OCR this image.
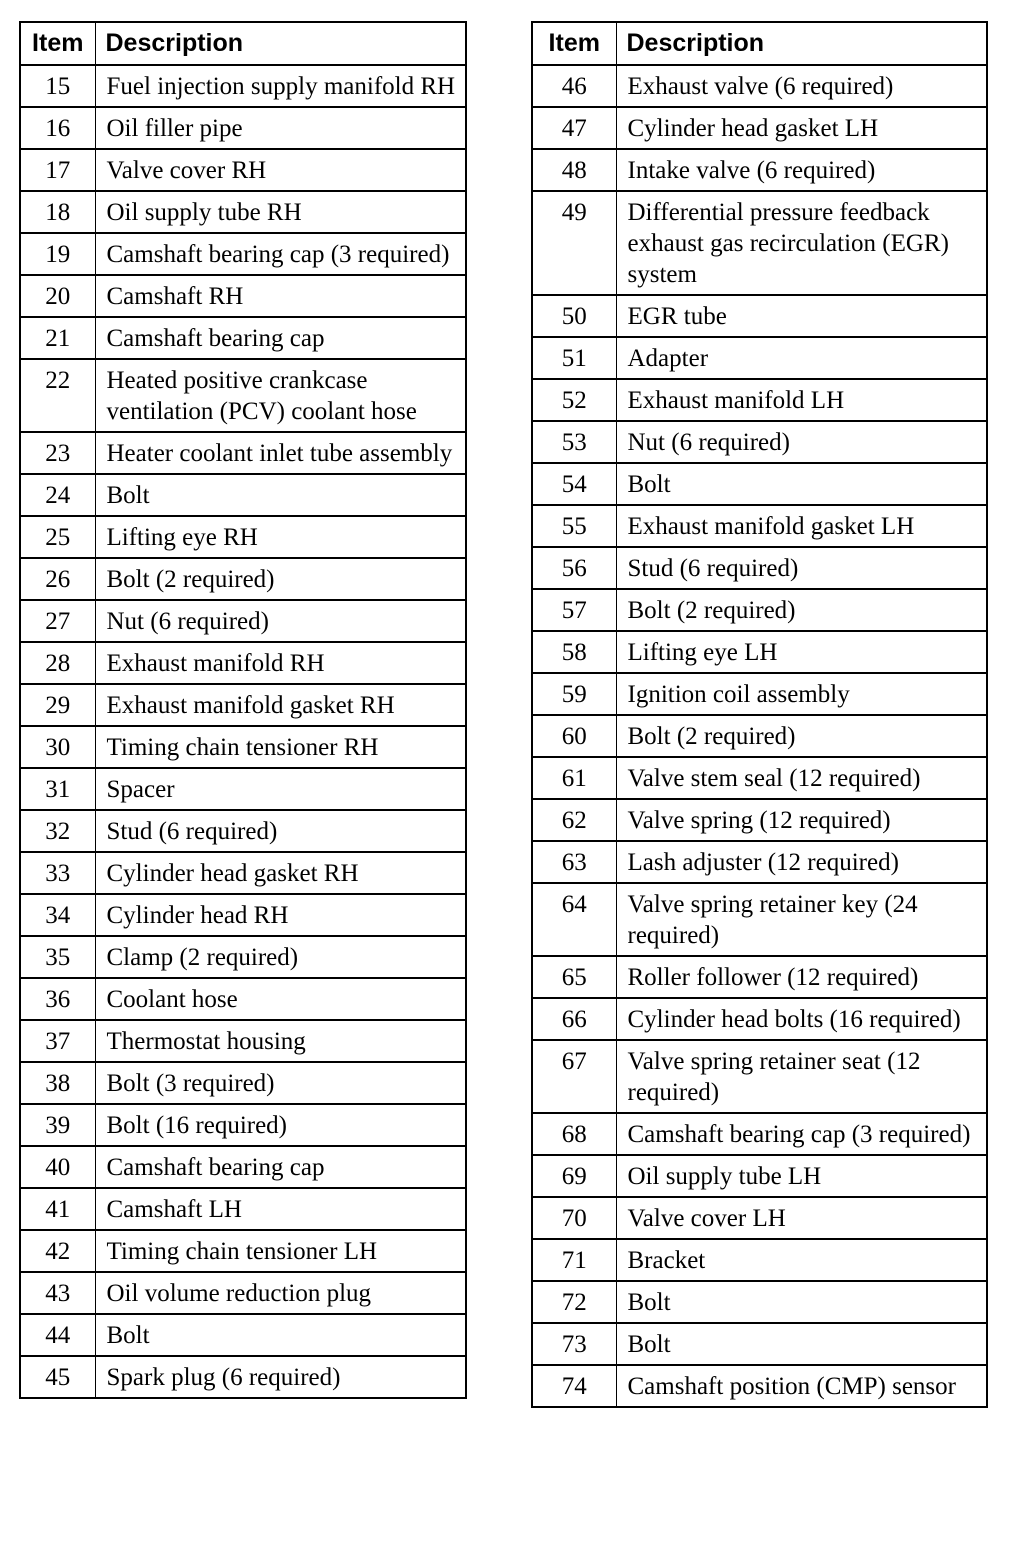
Item	Description
15	Fuel injection supply manifold RH
16	Oil filler pipe
17	Valve cover RH
18	Oil supply tube RH
19	Camshaft bearing cap (3 required)
20	Camshaft RH
21	Camshaft bearing cap
22	Heated positive crankcase ventilation (PCV) coolant hose
23	Heater coolant inlet tube assembly
24	Bolt
25	Lifting eye RH
26	Bolt (2 required)
27	Nut (6 required)
28	Exhaust manifold RH
29	Exhaust manifold gasket RH
30	Timing chain tensioner RH
31	Spacer
32	Stud (6 required)
33	Cylinder head gasket RH
34	Cylinder head RH
35	Clamp (2 required)
36	Coolant hose
37	Thermostat housing
38	Bolt (3 required)
39	Bolt (16 required)
40	Camshaft bearing cap
41	Camshaft LH
42	Timing chain tensioner LH
43	Oil volume reduction plug
44	Bolt
45	Spark plug (6 required)
Item	Description
46	Exhaust valve (6 required)
47	Cylinder head gasket LH
48	Intake valve (6 required)
49	Differential pressure feedback exhaust gas recirculation (EGR) system
50	EGR tube
51	Adapter
52	Exhaust manifold LH
53	Nut (6 required)
54	Bolt
55	Exhaust manifold gasket LH
56	Stud (6 required)
57	Bolt (2 required)
58	Lifting eye LH
59	Ignition coil assembly
60	Bolt (2 required)
61	Valve stem seal (12 required)
62	Valve spring (12 required)
63	Lash adjuster (12 required)
64	Valve spring retainer key (24 required)
65	Roller follower (12 required)
66	Cylinder head bolts (16 required)
67	Valve spring retainer seat (12 required)
68	Camshaft bearing cap (3 required)
69	Oil supply tube LH
70	Valve cover LH
71	Bracket
72	Bolt
73	Bolt
74	Camshaft position (CMP) sensor
